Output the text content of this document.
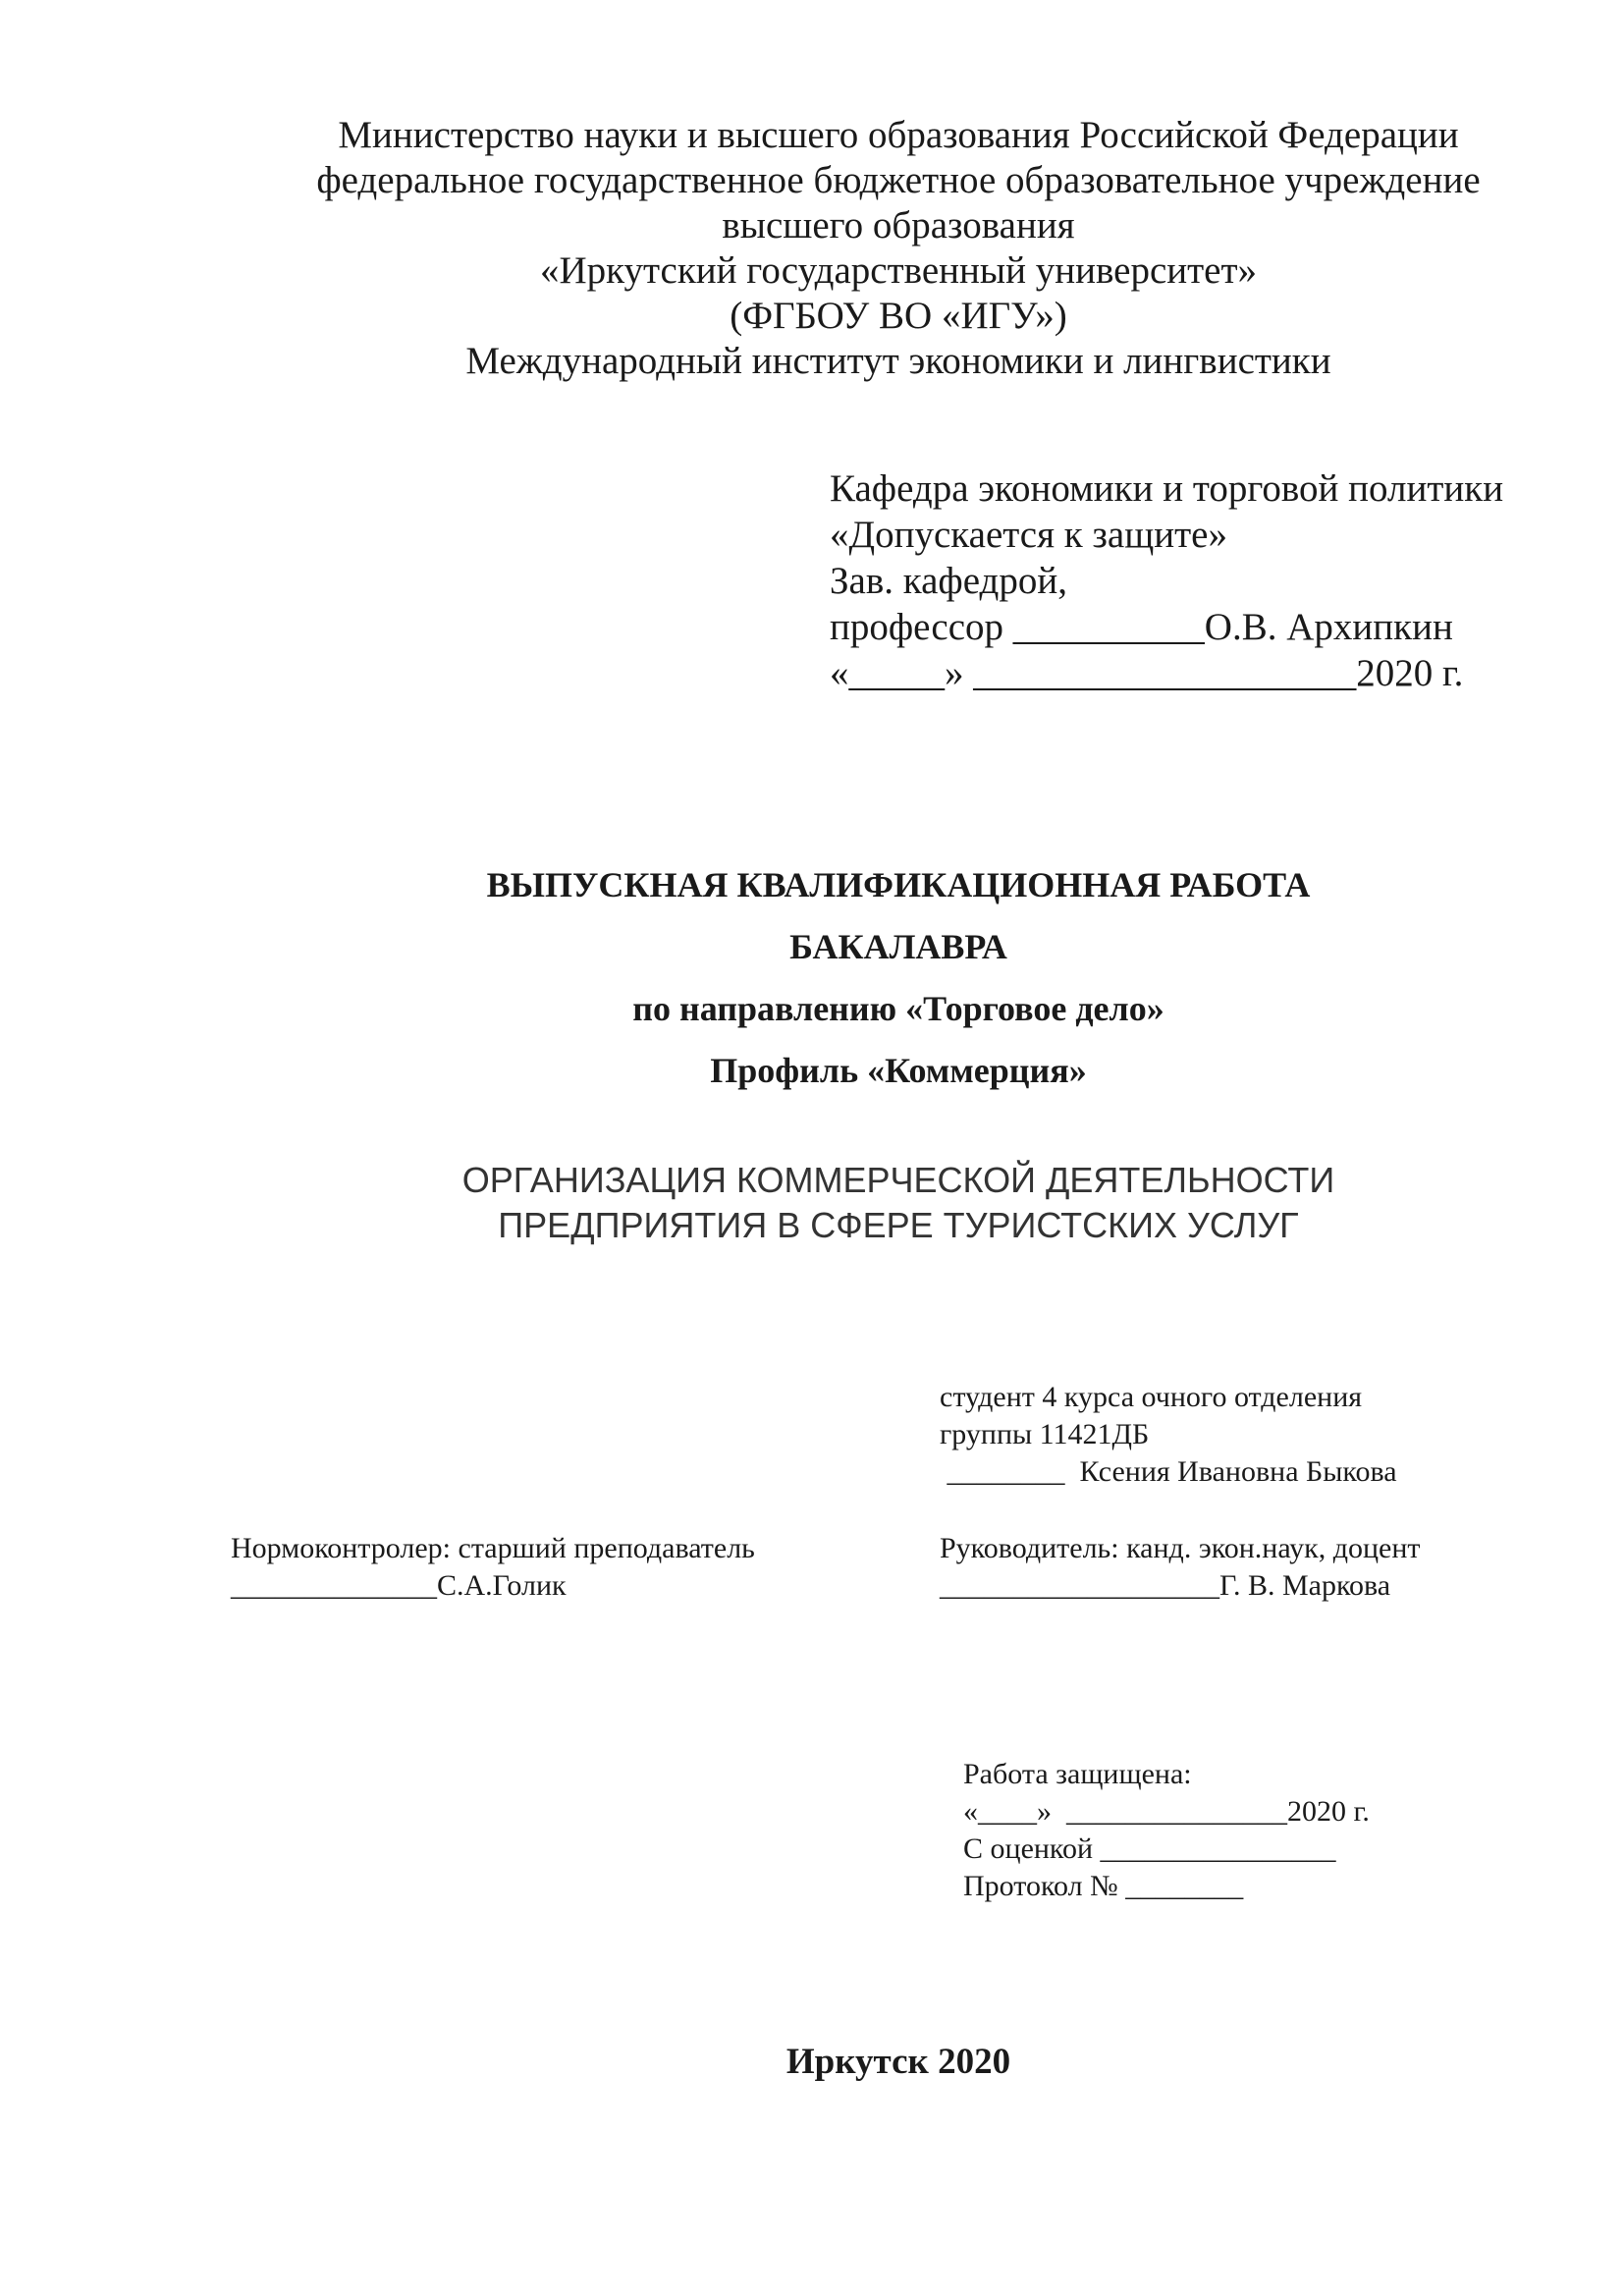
Министерство науки и высшего образования Российской Федерации
федеральное государственное бюджетное образовательное учреждение
высшего образования
«Иркутский государственный университет»
(ФГБОУ ВО «ИГУ»)
Международный институт экономики и лингвистики
Кафедра экономики и торговой политики
«Допускается к защите»
Зав. кафедрой,
профессор __________О.В. Архипкин
«_____» ____________________2020 г.
ВЫПУСКНАЯ КВАЛИФИКАЦИОННАЯ РАБОТА
БАКАЛАВРА
по направлению «Торговое дело»
Профиль «Коммерция»
ОРГАНИЗАЦИЯ КОММЕРЧЕСКОЙ ДЕЯТЕЛЬНОСТИ
ПРЕДПРИЯТИЯ В СФЕРЕ ТУРИСТСКИХ УСЛУГ
студент 4 курса очного отделения
группы 11421ДБ
________  Ксения Ивановна Быкова
Нормоконтролер: старший преподаватель
______________С.А.Голик
Руководитель: канд. экон.наук, доцент
___________________Г. В. Маркова
Работа защищена:
«____»  _______________2020 г.
С оценкой ________________
Протокол № ________
Иркутск 2020
